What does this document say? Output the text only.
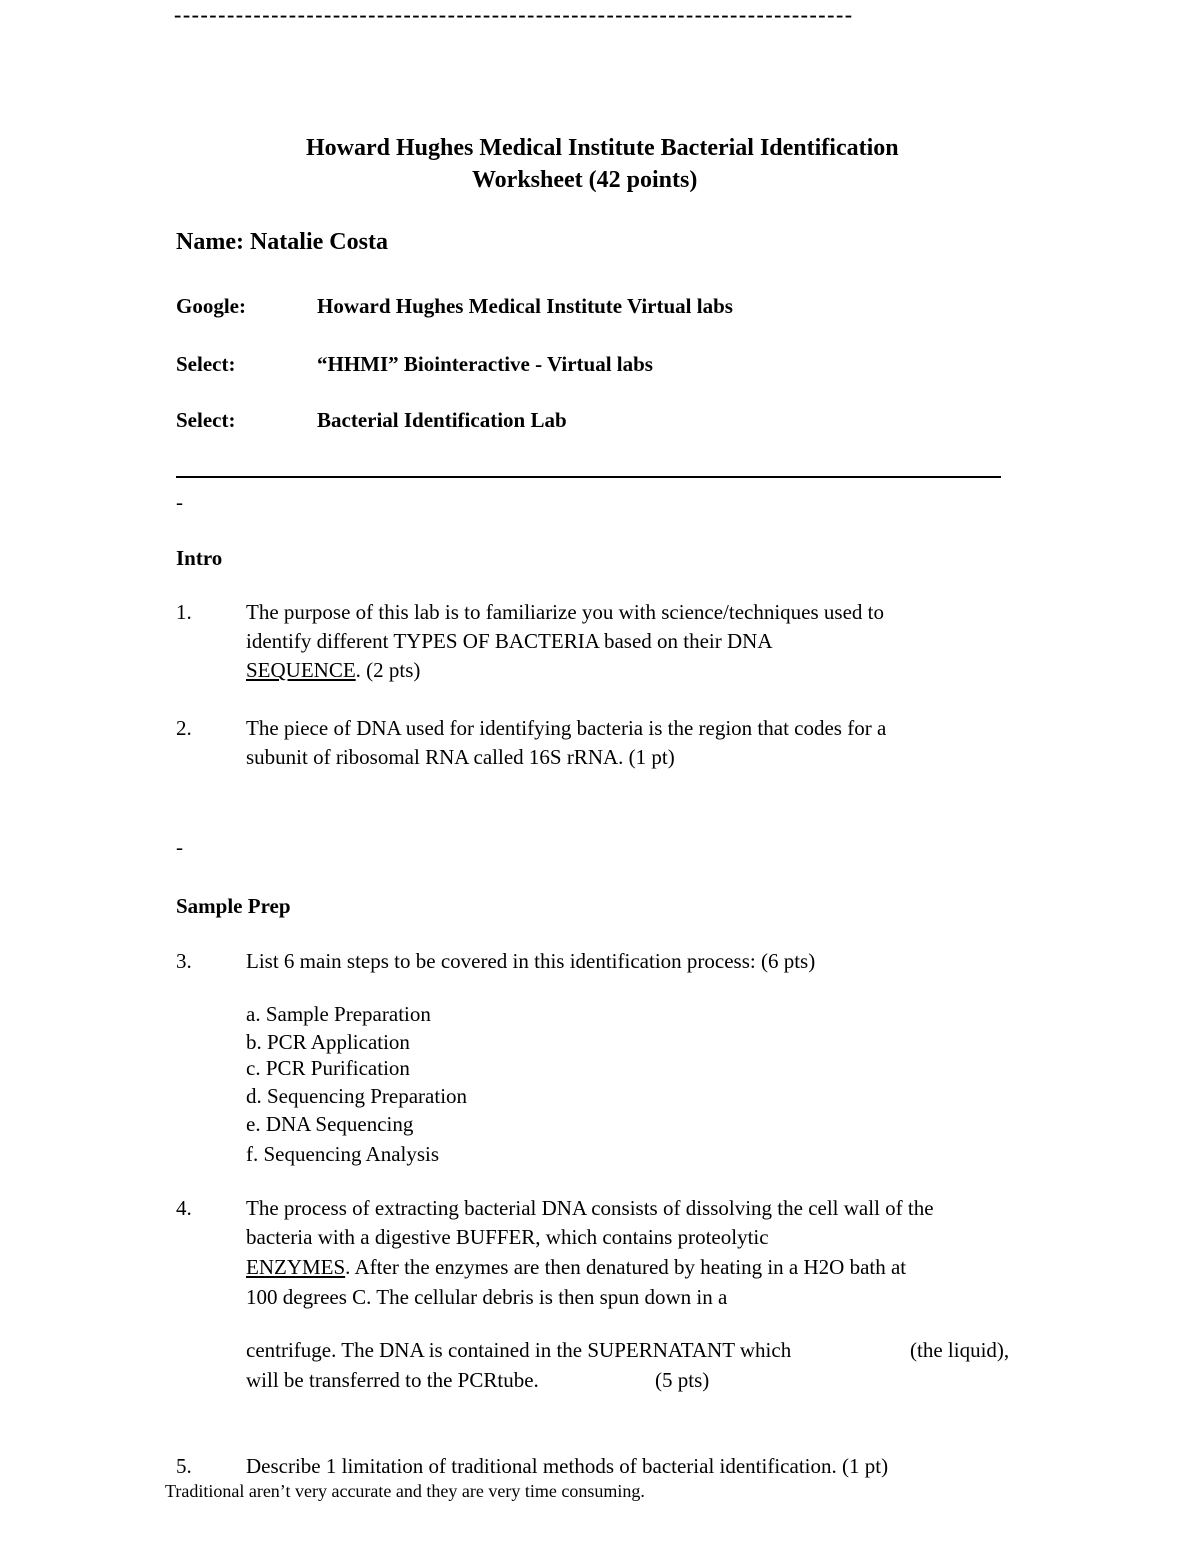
-----------------------------------------------------------------------------
Howard Hughes Medical Institute Bacterial Identification
Worksheet (42 points)
Name: Natalie Costa
Google:	Howard Hughes Medical Institute Virtual labs
Select:	“HHMI” Biointeractive - Virtual labs
Select:	Bacterial Identification Lab
-
Intro
1.	The purpose of this lab is to familiarize you with science/techniques used to
identify different TYPES OF BACTERIA based on their DNA
SEQUENCE. (2 pts)
2.	The piece of DNA used for identifying bacteria is the region that codes for a
subunit of ribosomal RNA called 16S rRNA. (1 pt)
-
Sample Prep
3.	List 6 main steps to be covered in this identification process: (6 pts)
a. Sample Preparation
b. PCR Application
c. PCR Purification
d. Sequencing Preparation
e. DNA Sequencing
f. Sequencing Analysis
4.	The process of extracting bacterial DNA consists of dissolving the cell wall of the
bacteria with a digestive BUFFER, which contains proteolytic
ENZYMES. After the enzymes are then denatured by heating in a H2O bath at
100 degrees C. The cellular debris is then spun down in a
centrifuge. The DNA is contained in the SUPERNATANT which	(the liquid),
will be transferred to the PCRtube.	(5 pts)
5.	Describe 1 limitation of traditional methods of bacterial identification. (1 pt)
Traditional aren’t very accurate and they are very time consuming.
